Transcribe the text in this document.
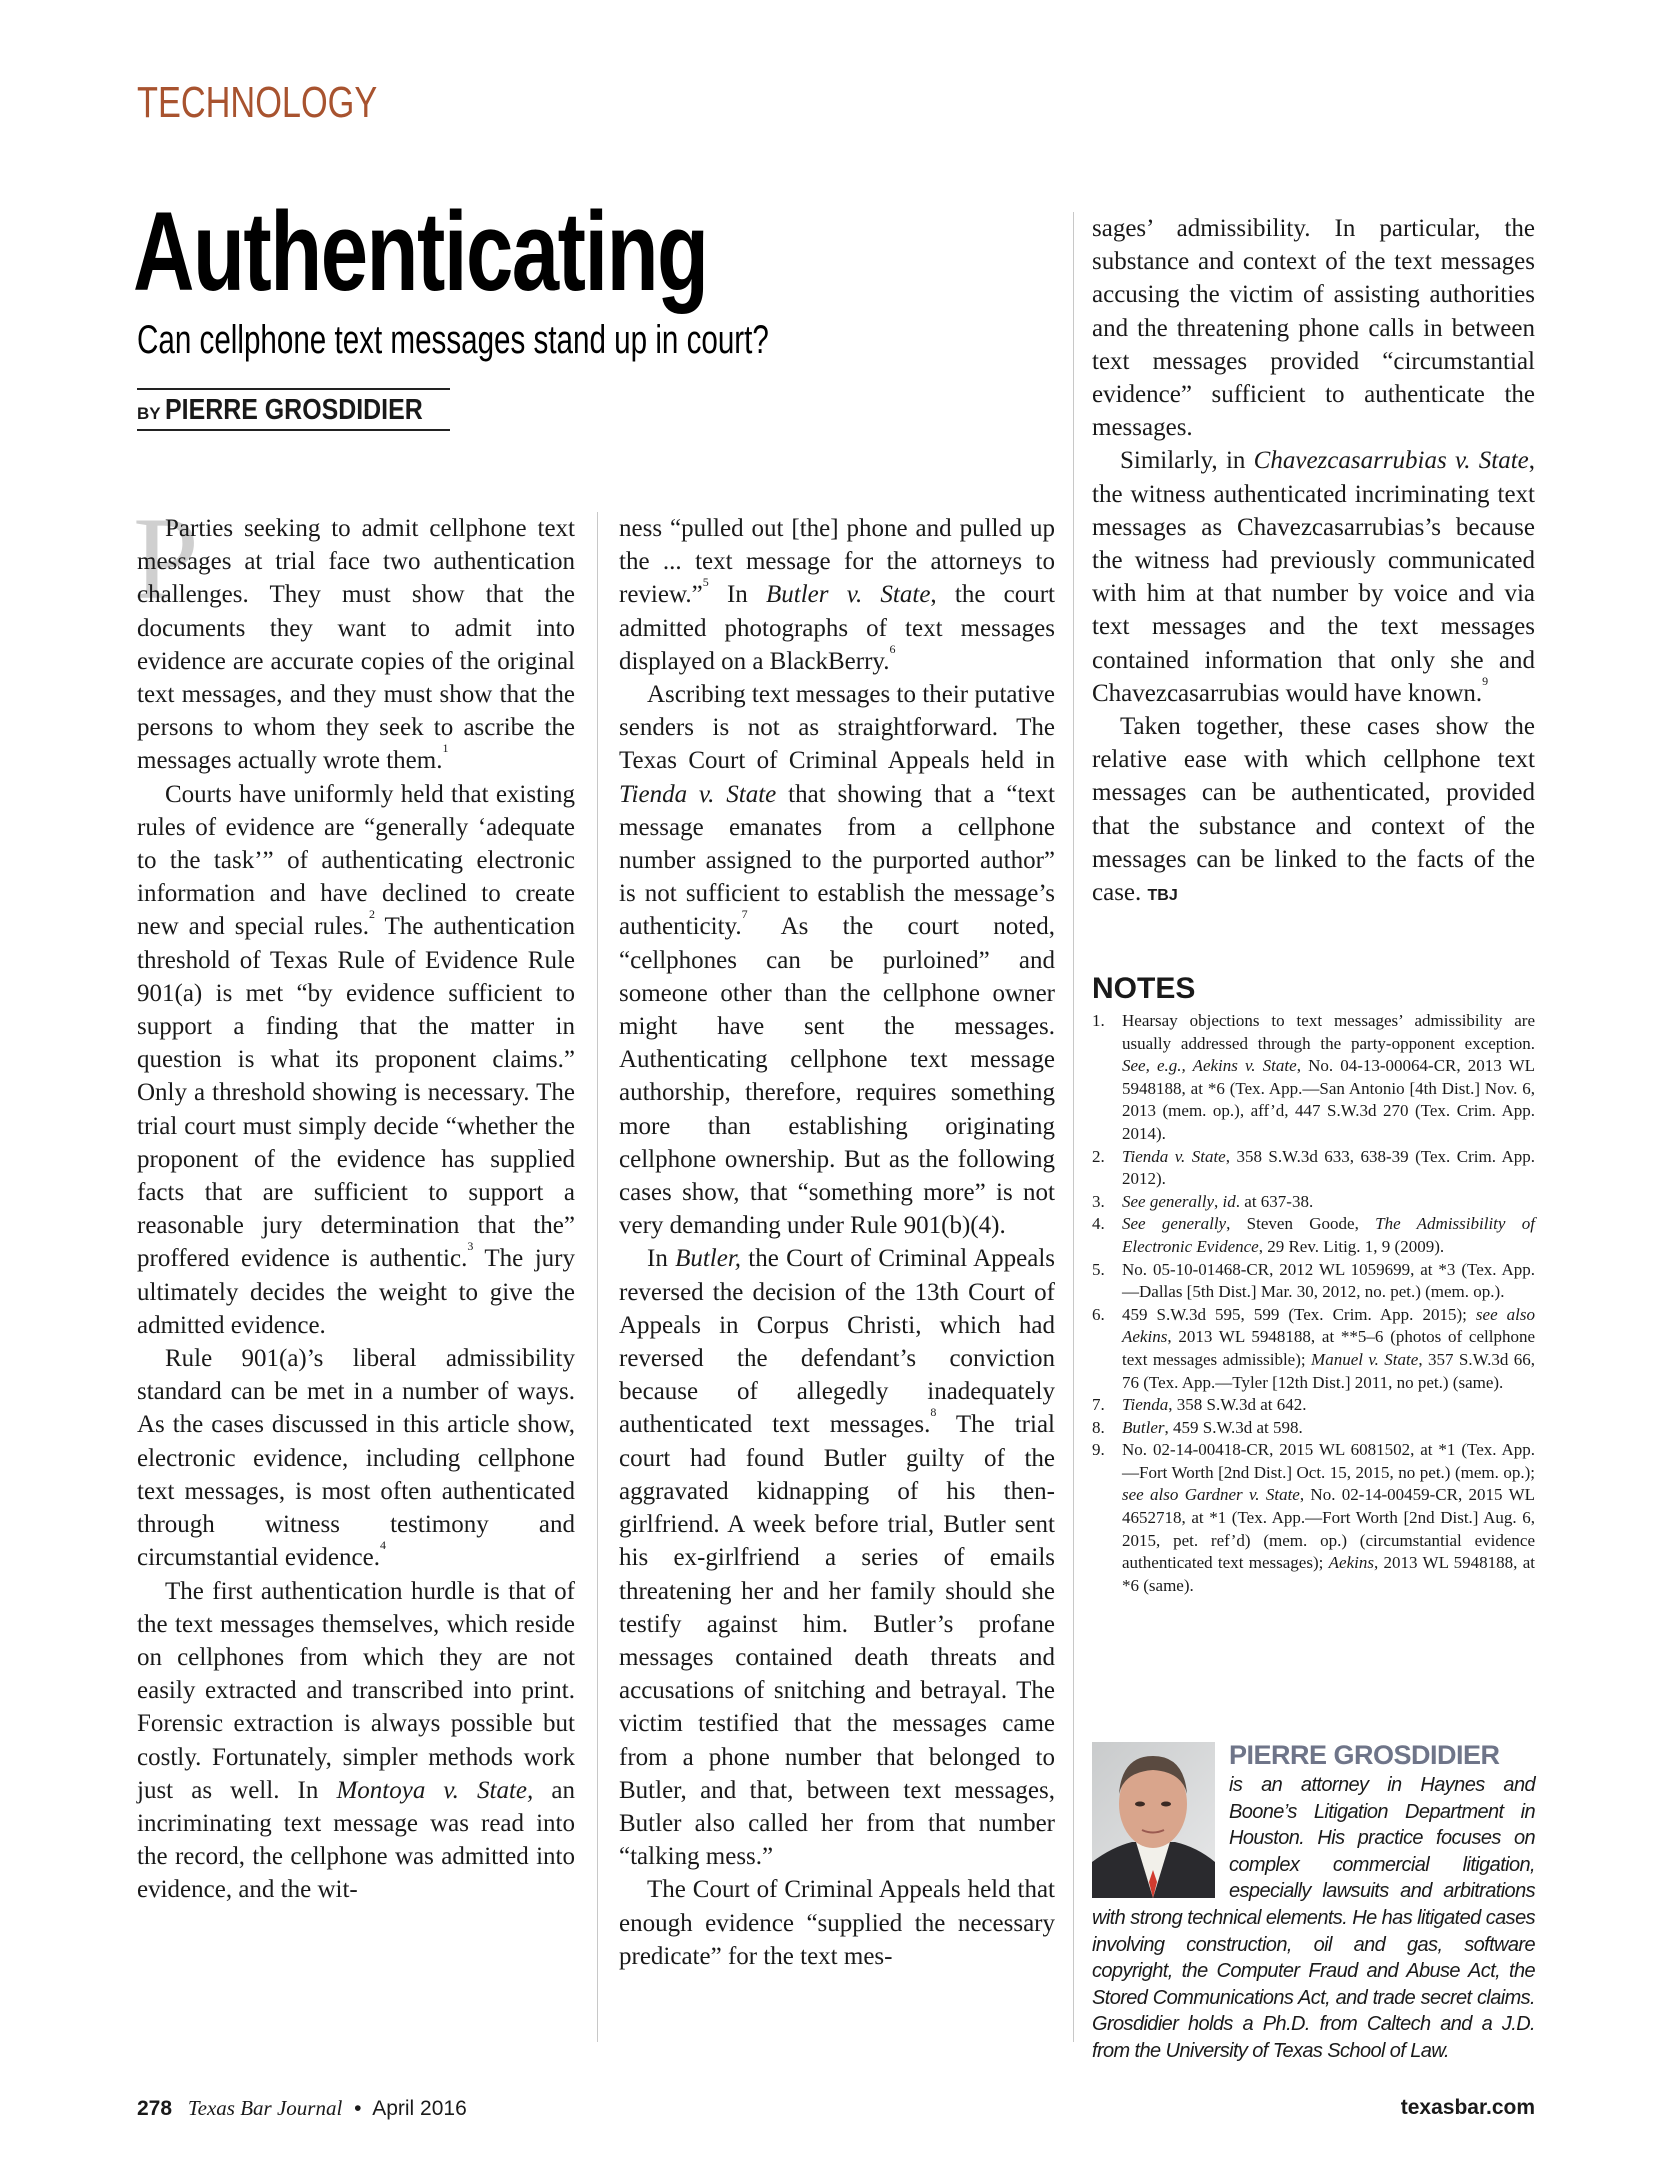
TECHNOLOGY
Authenticating
Can cellphone text messages stand up in court?
BY PIERRE GROSDIDIER
P

Parties seeking to admit cellphone text messages at trial face two authentication challenges. They must show that the documents they want to admit into evidence are accurate copies of the original text messages, and they must show that the persons to whom they seek to ascribe the messages actually wrote them.$^1$

Courts have uniformly held that existing rules of evidence are “generally ‘adequate to the task’” of authenticating electronic information and have declined to create new and special rules.$^2$ The authentication threshold of Texas Rule of Evidence Rule 901(a) is met “by evidence sufficient to support a finding that the matter in question is what its proponent claims.” Only a threshold showing is necessary. The trial court must simply decide “whether the proponent of the evidence has supplied facts that are sufficient to support a reasonable jury determination that the” proffered evidence is authentic.$^3$ The jury ultimately decides the weight to give the admitted evidence.

Rule 901(a)’s liberal admissibility standard can be met in a number of ways. As the cases discussed in this article show, electronic evidence, including cellphone text messages, is most often authenticated through witness testimony and circumstantial evidence.$^4$

The first authentication hurdle is that of the text messages themselves, which reside on cellphones from which they are not easily extracted and transcribed into print. Forensic extraction is always possible but costly. Fortunately, simpler methods work just as well. In Montoya v. State, an incriminating text message was read into the record, the cellphone was admitted into evidence, and the wit-

ness “pulled out [the] phone and pulled up the ... text message for the attorneys to review.”$^5$ In Butler v. State, the court admitted photographs of text messages displayed on a BlackBerry.$^6$

Ascribing text messages to their putative senders is not as straightforward. The Texas Court of Criminal Appeals held in Tienda v. State that showing that a “text message emanates from a cellphone number assigned to the purported author” is not sufficient to establish the message’s authenticity.$^7$ As the court noted, “cellphones can be purloined” and someone other than the cellphone owner might have sent the messages. Authenticating cellphone text message authorship, therefore, requires something more than establishing originating cellphone ownership. But as the following cases show, that “something more” is not very demanding under Rule 901(b)(4).

In Butler, the Court of Criminal Appeals reversed the decision of the 13th Court of Appeals in Corpus Christi, which had reversed the defendant’s conviction because of allegedly inadequately authenticated text messages.$^8$ The trial court had found Butler guilty of the aggravated kidnapping of his then-girlfriend. A week before trial, Butler sent his ex-girlfriend a series of emails threatening her and her family should she testify against him. Butler’s profane messages contained death threats and accusations of snitching and betrayal. The victim testified that the messages came from a phone number that belonged to Butler, and that, between text messages, Butler also called her from that number “talking mess.”

The Court of Criminal Appeals held that enough evidence “supplied the necessary predicate” for the text mes-

sages’ admissibility. In particular, the substance and context of the text messages accusing the victim of assisting authorities and the threatening phone calls in between text messages provided “circumstantial evidence” sufficient to authenticate the messages.

Similarly, in Chavezcasarrubias v. State, the witness authenticated incriminating text messages as Chavezcasarrubias’s because the witness had previously communicated with him at that number by voice and via text messages and the text messages contained information that only she and Chavezcasarrubias would have known.$^9$

Taken together, these cases show the relative ease with which cellphone text messages can be authenticated, provided that the substance and context of the messages can be linked to the facts of the case. TBJ

NOTES
1. Hearsay objections to text messages’ admissibility are usually addressed through the party-opponent exception. See, e.g., Aekins v. State, No. 04-13-00064-CR, 2013 WL 5948188, at *6 (Tex. App.—San Antonio [4th Dist.] Nov. 6, 2013 (mem. op.), aff’d, 447 S.W.3d 270 (Tex. Crim. App. 2014).
2. Tienda v. State, 358 S.W.3d 633, 638-39 (Tex. Crim. App. 2012).
3. See generally, id. at 637-38.
4. See generally, Steven Goode, The Admissibility of Electronic Evidence, 29 Rev. Litig. 1, 9 (2009).
5. No. 05-10-01468-CR, 2012 WL 1059699, at *3 (Tex. App.—Dallas [5th Dist.] Mar. 30, 2012, no. pet.) (mem. op.).
6. 459 S.W.3d 595, 599 (Tex. Crim. App. 2015); see also Aekins, 2013 WL 5948188, at **5–6 (photos of cellphone text messages admissible); Manuel v. State, 357 S.W.3d 66, 76 (Tex. App.—Tyler [12th Dist.] 2011, no pet.) (same).
7. Tienda, 358 S.W.3d at 642.
8. Butler, 459 S.W.3d at 598.
9. No. 02-14-00418-CR, 2015 WL 6081502, at *1 (Tex. App.—Fort Worth [2nd Dist.] Oct. 15, 2015, no pet.) (mem. op.); see also Gardner v. State, No. 02-14-00459-CR, 2015 WL 4652718, at *1 (Tex. App.—Fort Worth [2nd Dist.] Aug. 6, 2015, pet. ref’d) (mem. op.) (circumstantial evidence authenticated text messages); Aekins, 2013 WL 5948188, at *6 (same).
PIERRE GROSDIDIER
is an attorney in Haynes and Boone’s Litigation Department in Houston. His practice focuses on complex commercial litigation, especially lawsuits and arbitrations with strong technical elements. He has litigated cases involving construction, oil and gas, software copyright, the Computer Fraud and Abuse Act, the Stored Communications Act, and trade secret claims. Grosdidier holds a Ph.D. from Caltech and a J.D. from the University of Texas School of Law.
278 Texas Bar Journal • April 2016	texasbar.com
